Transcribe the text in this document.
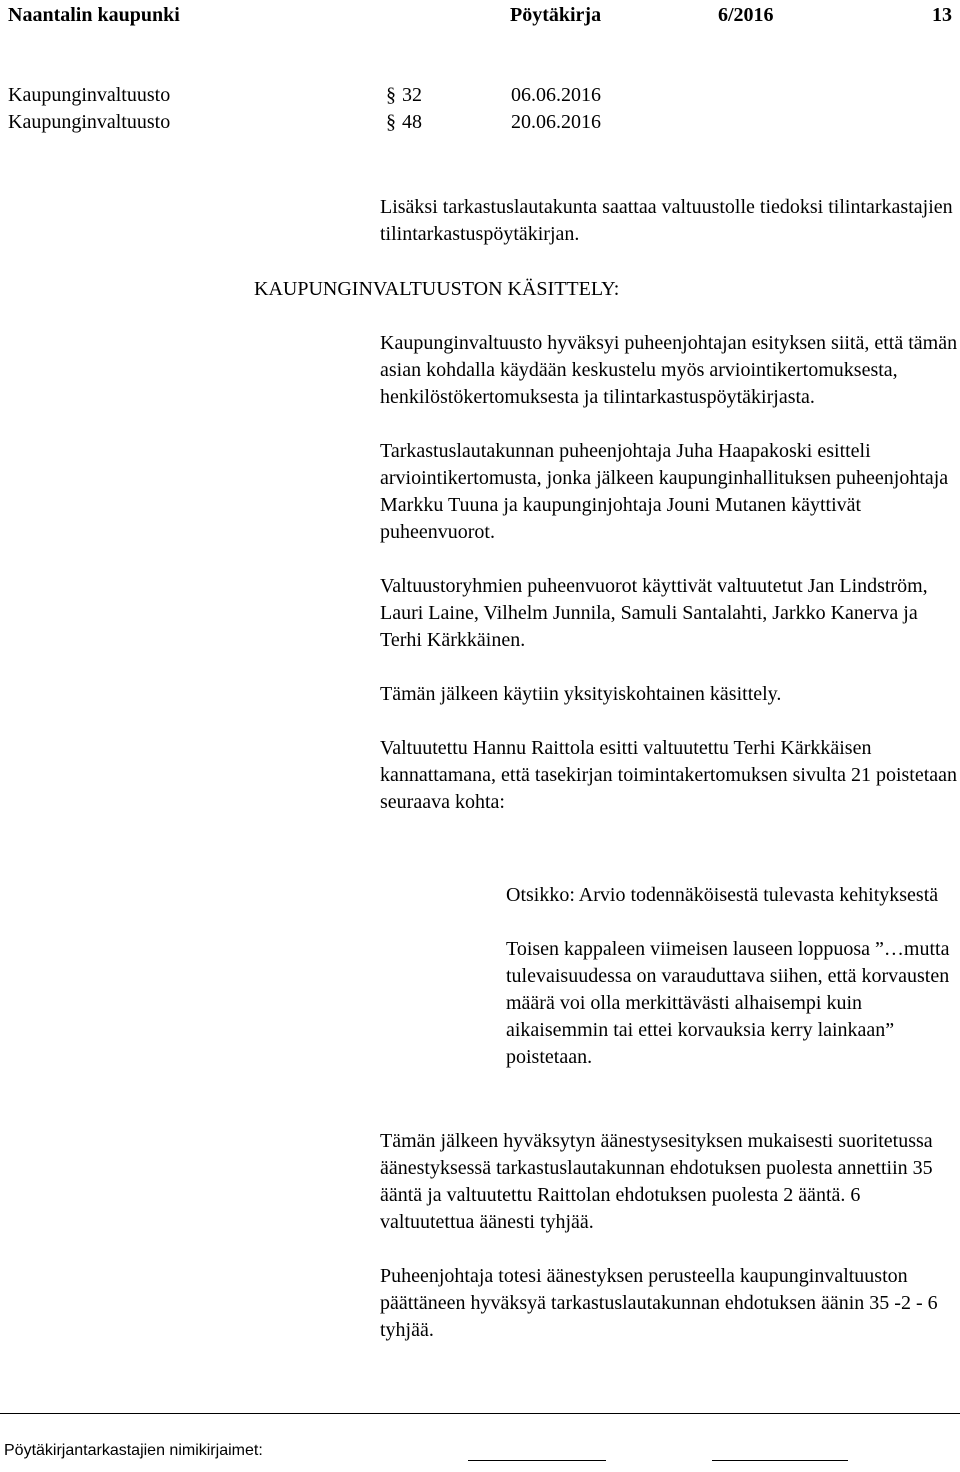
Naantalin kaupunki	Pöytäkirja	6/2016	13
Kaupunginvaltuusto	§ 32	06.06.2016
Kaupunginvaltuusto	§ 48	20.06.2016

Lisäksi tarkastuslautakunta saattaa valtuustolle tiedoksi tilintarkastajien tilintarkastuspöytäkirjan.

KAUPUNGINVALTUUSTON KÄSITTELY:

Kaupunginvaltuusto hyväksyi puheenjohtajan esityksen siitä, että tämän asian kohdalla käydään keskustelu myös arviointikertomuksesta, henkilöstökertomuksesta ja tilintarkastuspöytäkirjasta.

Tarkastuslautakunnan puheenjohtaja Juha Haapakoski esitteli arviointikertomusta, jonka jälkeen kaupunginhallituksen puheenjohtaja Markku Tuuna ja kaupunginjohtaja Jouni Mutanen käyttivät puheenvuorot.

Valtuustoryhmien puheenvuorot käyttivät valtuutetut Jan Lindström, Lauri Laine, Vilhelm Junnila, Samuli Santalahti, Jarkko Kanerva ja Terhi Kärkkäinen.

Tämän jälkeen käytiin yksityiskohtainen käsittely.

Valtuutettu Hannu Raittola esitti valtuutettu Terhi Kärkkäisen kannattamana, että tasekirjan toimintakertomuksen sivulta 21 poistetaan seuraava kohta:

Otsikko: Arvio todennäköisestä tulevasta kehityksestä

Toisen kappaleen viimeisen lauseen loppuosa ”…mutta tulevaisuudessa on varauduttava siihen, että korvausten määrä voi olla merkittävästi alhaisempi kuin aikaisemmin tai ettei korvauksia kerry lainkaan” poistetaan.

Tämän jälkeen hyväksytyn äänestysesityksen mukaisesti suoritetussa äänestyksessä tarkastuslautakunnan ehdotuksen puolesta annettiin 35 ääntä ja valtuutettu Raittolan ehdotuksen puolesta 2 ääntä. 6 valtuutettua äänesti tyhjää.

Puheenjohtaja totesi äänestyksen perusteella kaupunginvaltuuston päättäneen hyväksyä tarkastuslautakunnan ehdotuksen äänin 35 -2 - 6 tyhjää.

Pöytäkirjantarkastajien nimikirjaimet:
